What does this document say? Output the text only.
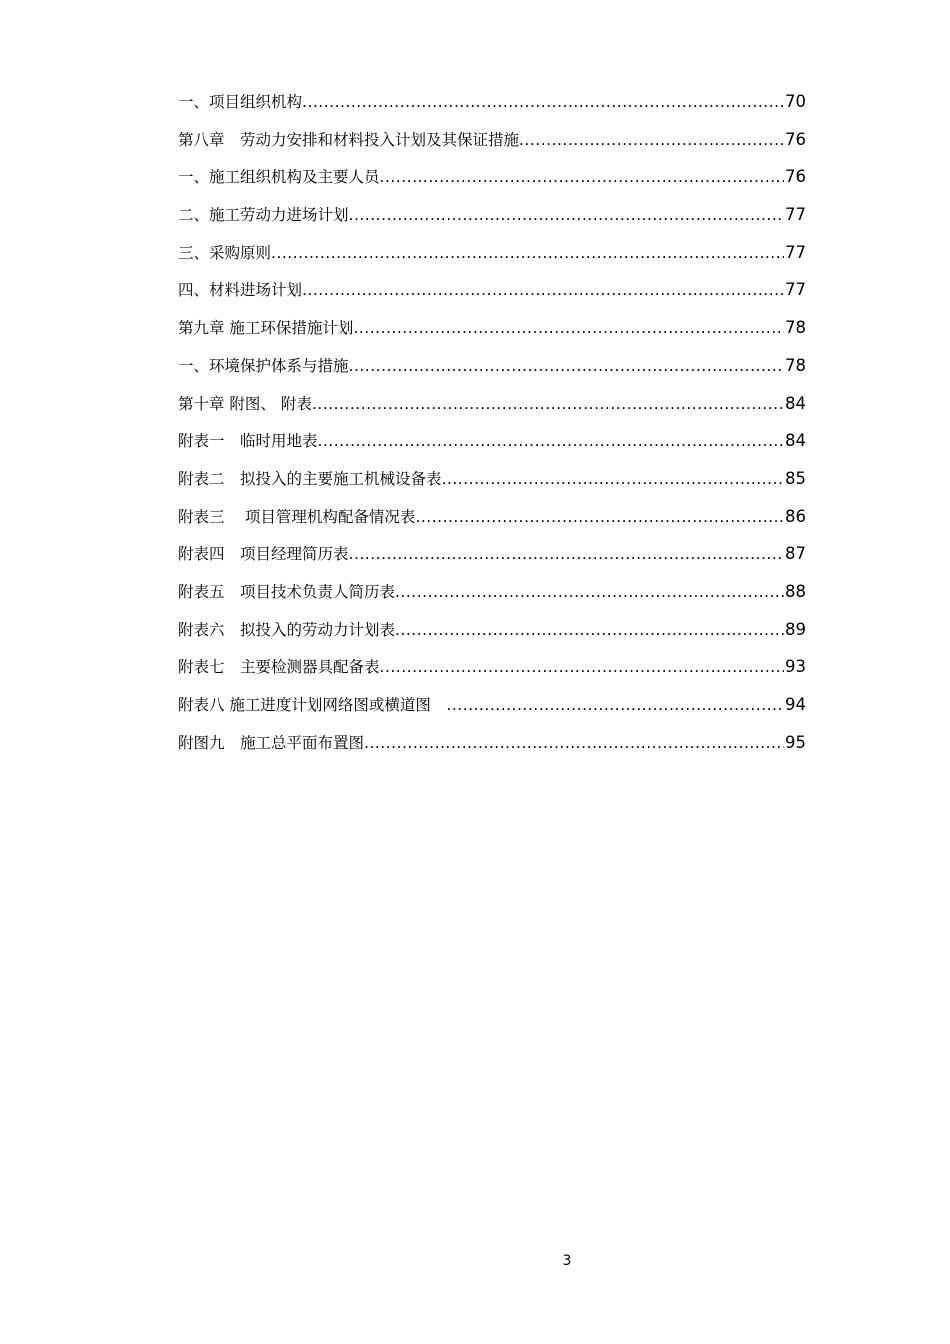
一、项目组织机构 .....	70
第八章　劳动力安排和材料投入计划及其保证措施 .....	76
一、施工组织机构及主要人员 .....	76
二、施工劳动力进场计划 .....	77
三、采购原则 .....	77
四、材料进场计划 .....	77
第九章 施工环保措施计划 .....	78
一、环境保护体系与措施 .....	78
第十章 附图、 附表 .....	84
附表一　临时用地表 .....	84
附表二　拟投入的主要施工机械设备表 .....	85
附表三　 项目管理机构配备情况表 .....	86
附表四　项目经理简历表 .....	87
附表五　项目技术负责人简历表 .....	88
附表六　拟投入的劳动力计划表 .....	89
附表七　主要检测器具配备表 .....	93
附表八 施工进度计划网络图或横道图　 .....	94
附图九　施工总平面布置图 .....	95
3
